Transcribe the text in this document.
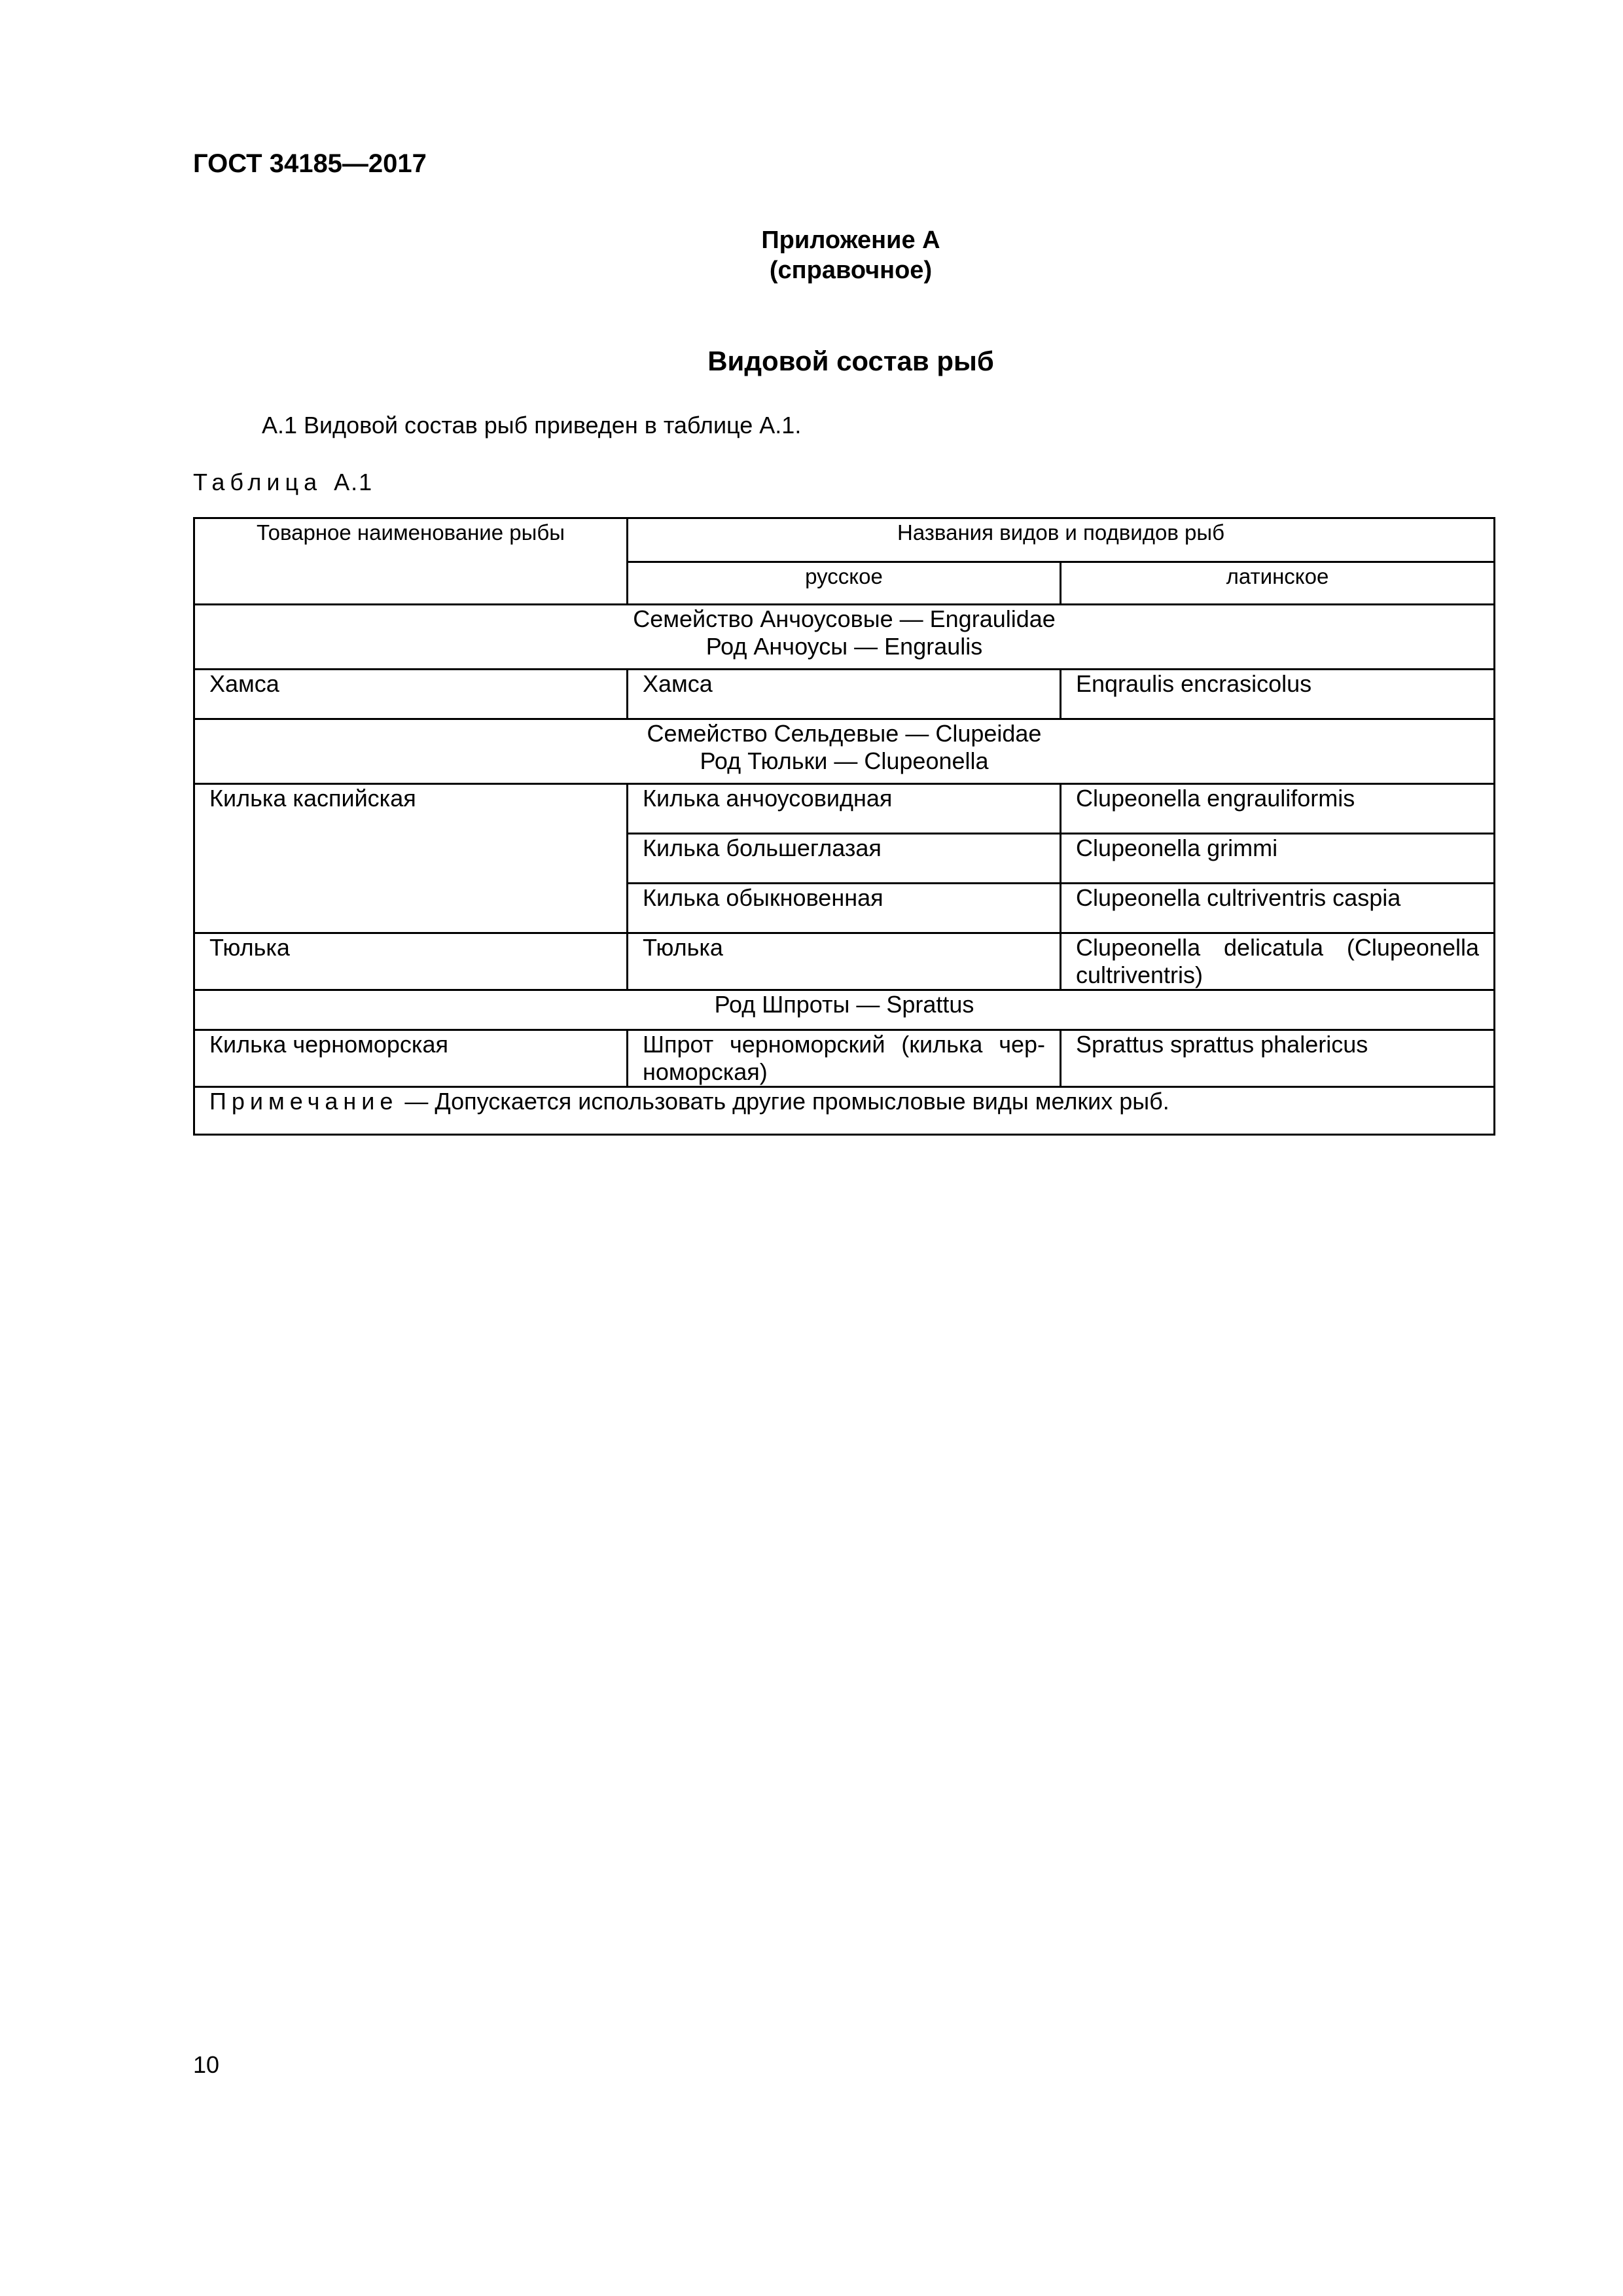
ГОСТ 34185—2017
Приложение А
(справочное)
Видовой состав рыб
А.1 Видовой состав рыб приведен в таблице А.1.
Таблица А.1
Товарное наименование рыбы	Названия видов и подвидов рыб	
	русское	латинское

Семейство Анчоусовые — Engraulidae
Род Анчоусы — Engraulis		

Хамса	Хамса	Enqraulis encrasicolus

Семейство Сельдевые — Clupeidae
Род Тюльки — Clupeonella		

Килька каспийская	Килька анчоусовидная	Clupeonella engrauliformis
	Килька большеглазая	Clupeonella grimmi
	Килька обыкновенная	Clupeonella cultriventris caspia
Тюлька	Тюлька	Clupeonella delicatula (Clupeonella cultriventris)

Род Шпроты — Sprattus		

Килька черноморская	Шпрот черноморский (килька чер-номорская)	Sprattus sprattus phalericus
Примечание — Допускается использовать другие промысловые виды мелких рыб.		
10
